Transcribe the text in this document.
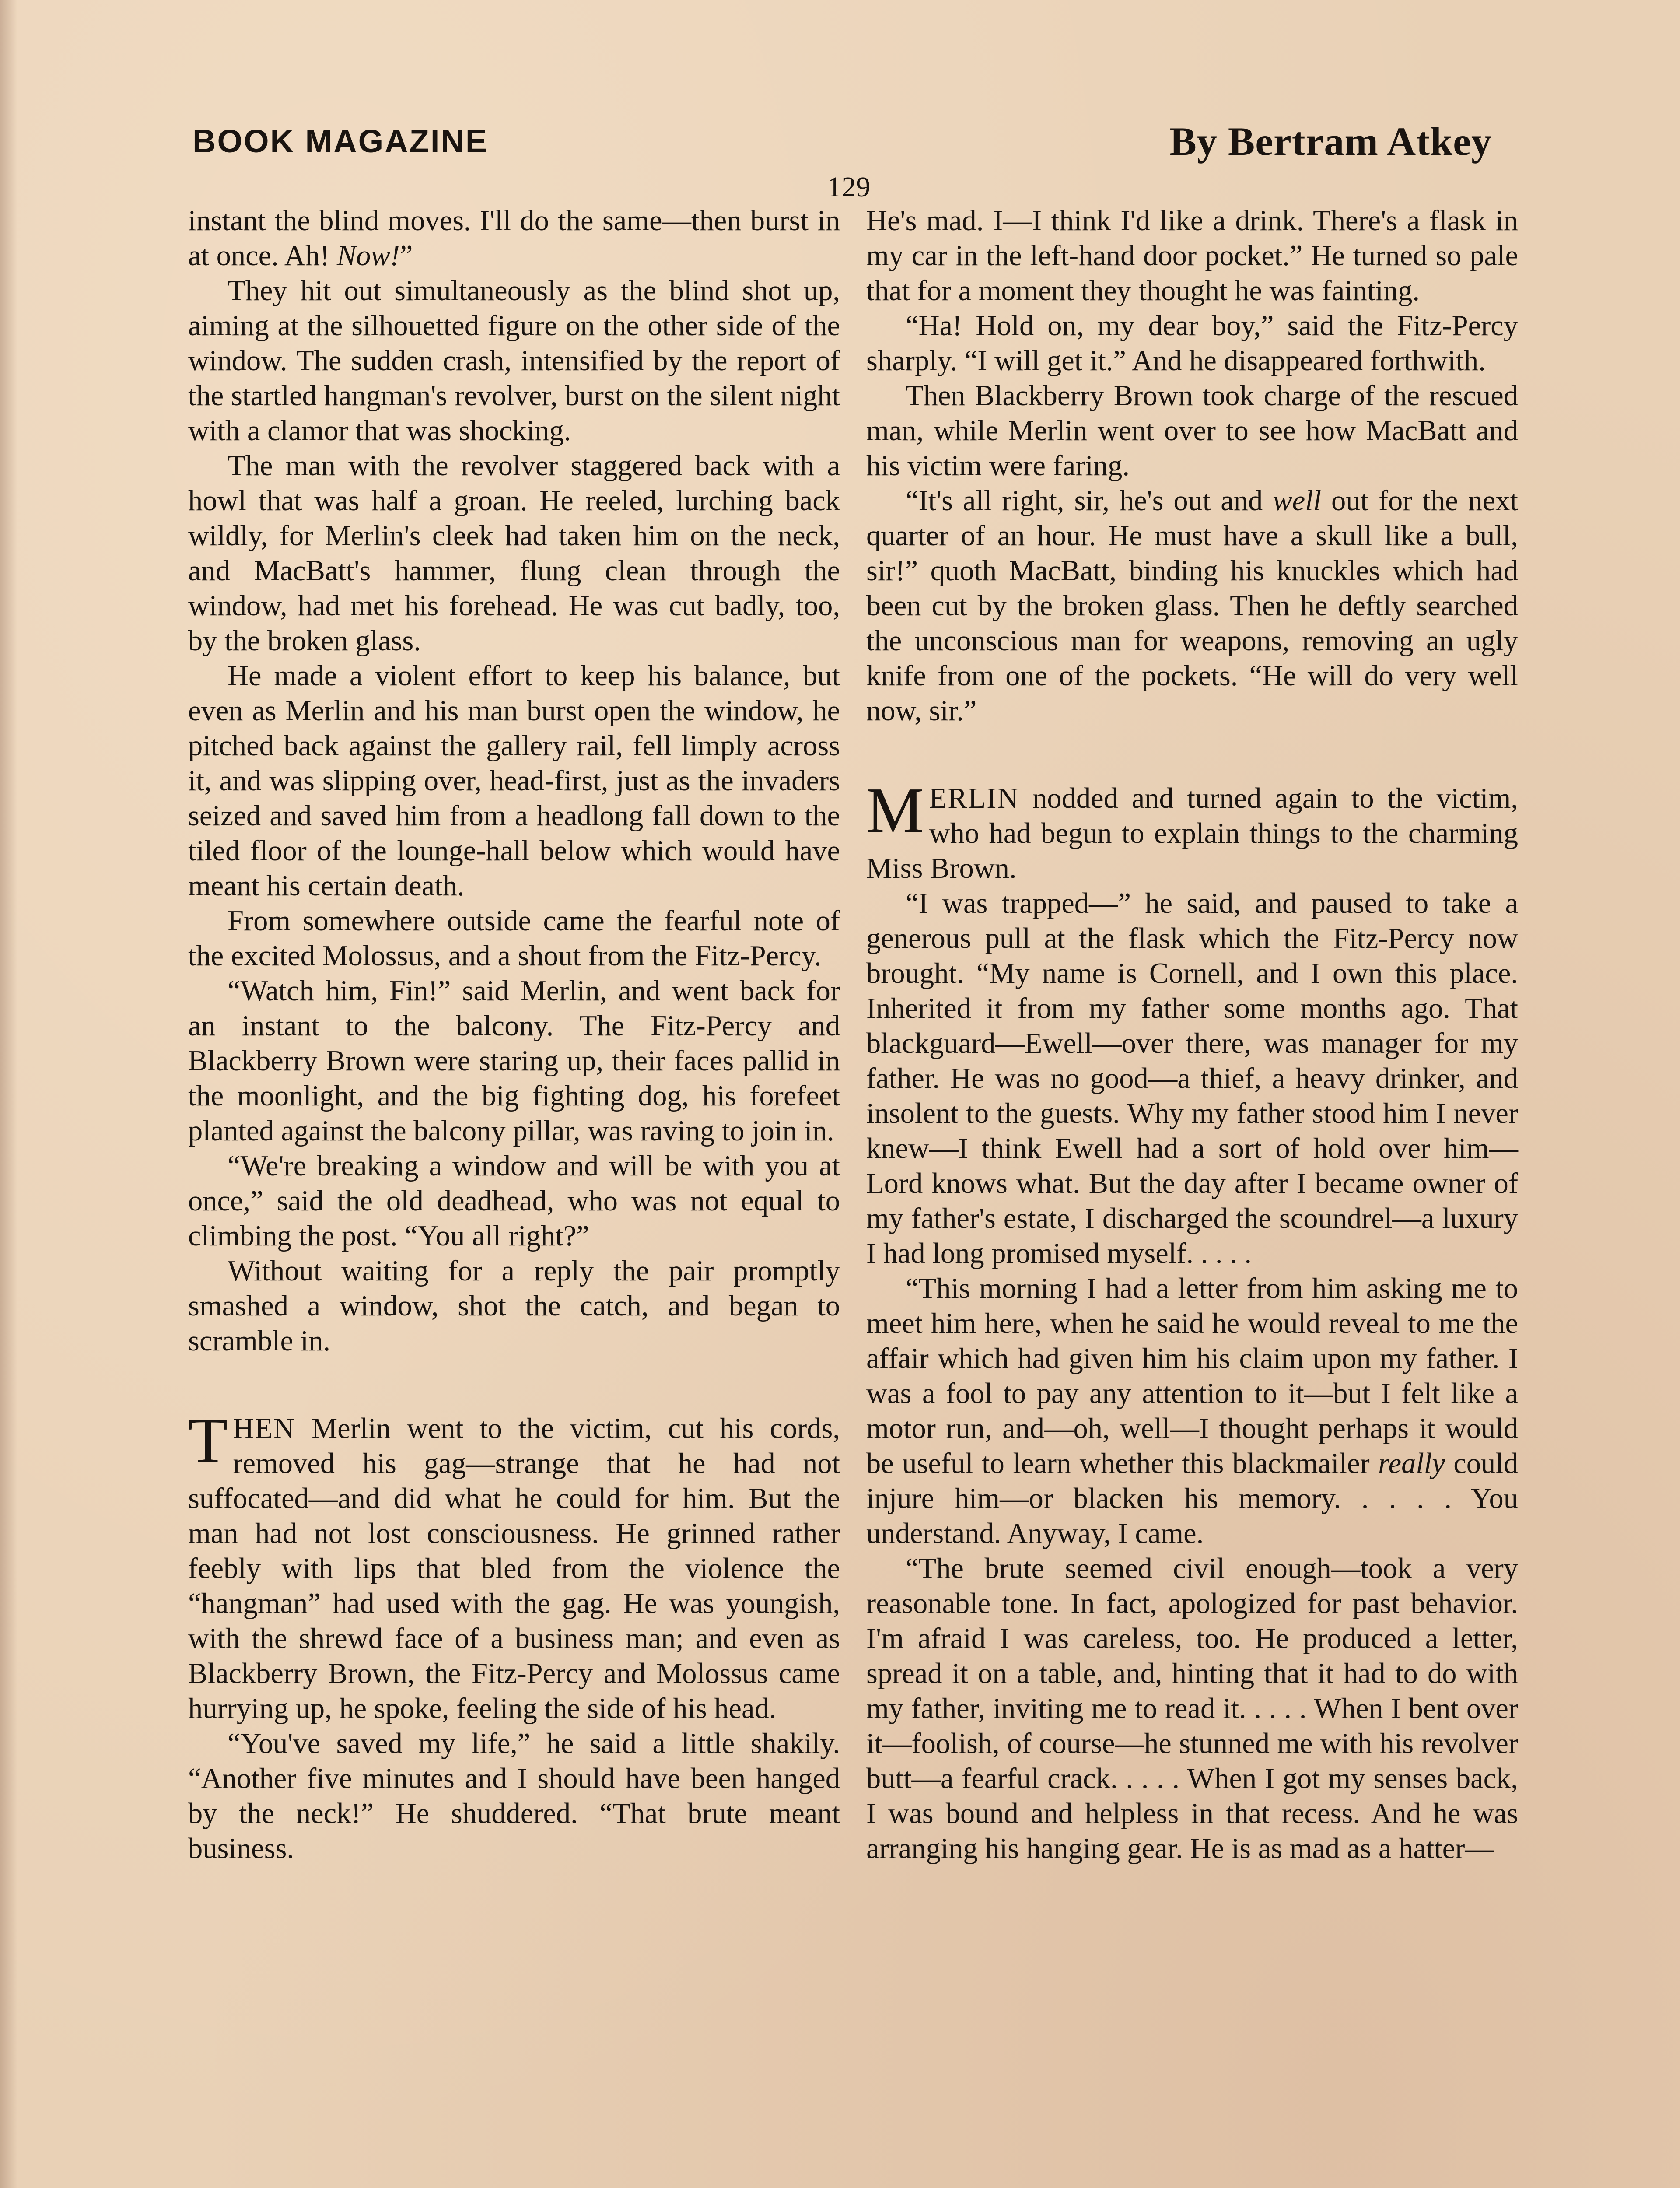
BOOK MAGAZINE	By Bertram Atkey
129

instant the blind moves. I'll do the same—then burst in at once. Ah! Now!”

They hit out simultaneously as the blind shot up, aiming at the silhouetted figure on the other side of the window. The sudden crash, intensified by the report of the startled hangman's revolver, burst on the silent night with a clamor that was shocking.

The man with the revolver staggered back with a howl that was half a groan. He reeled, lurching back wildly, for Merlin's cleek had taken him on the neck, and MacBatt's hammer, flung clean through the window, had met his forehead. He was cut badly, too, by the broken glass.

He made a violent effort to keep his balance, but even as Merlin and his man burst open the window, he pitched back against the gallery rail, fell limply across it, and was slipping over, head-first, just as the invaders seized and saved him from a headlong fall down to the tiled floor of the lounge-hall below which would have meant his certain death.

From somewhere outside came the fearful note of the excited Molossus, and a shout from the Fitz-Percy.

“Watch him, Fin!” said Merlin, and went back for an instant to the balcony. The Fitz-Percy and Blackberry Brown were staring up, their faces pallid in the moonlight, and the big fighting dog, his forefeet planted against the balcony pillar, was raving to join in.

“We're breaking a window and will be with you at once,” said the old deadhead, who was not equal to climbing the post. “You all right?”

Without waiting for a reply the pair promptly smashed a window, shot the catch, and began to scramble in.

THEN Merlin went to the victim, cut his cords, removed his gag—strange that he had not suffocated—and did what he could for him. But the man had not lost consciousness. He grinned rather feebly with lips that bled from the violence the “hangman” had used with the gag. He was youngish, with the shrewd face of a business man; and even as Blackberry Brown, the Fitz-Percy and Molossus came hurrying up, he spoke, feeling the side of his head.

“You've saved my life,” he said a little shakily. “Another five minutes and I should have been hanged by the neck!” He shuddered. “That brute meant business.

He's mad. I—I think I'd like a drink. There's a flask in my car in the left-hand door pocket.” He turned so pale that for a moment they thought he was fainting.

“Ha! Hold on, my dear boy,” said the Fitz-Percy sharply. “I will get it.” And he disappeared forthwith.

Then Blackberry Brown took charge of the rescued man, while Merlin went over to see how MacBatt and his victim were faring.

“It's all right, sir, he's out and well out for the next quarter of an hour. He must have a skull like a bull, sir!” quoth MacBatt, binding his knuckles which had been cut by the broken glass. Then he deftly searched the unconscious man for weapons, removing an ugly knife from one of the pockets. “He will do very well now, sir.”

MERLIN nodded and turned again to the victim, who had begun to explain things to the charming Miss Brown.

“I was trapped—” he said, and paused to take a generous pull at the flask which the Fitz-Percy now brought. “My name is Cornell, and I own this place. Inherited it from my father some months ago. That blackguard—Ewell—over there, was manager for my father. He was no good—a thief, a heavy drinker, and insolent to the guests. Why my father stood him I never knew—I think Ewell had a sort of hold over him—Lord knows what. But the day after I became owner of my father's estate, I discharged the scoundrel—a luxury I had long promised myself. . . . .

“This morning I had a letter from him asking me to meet him here, when he said he would reveal to me the affair which had given him his claim upon my father. I was a fool to pay any attention to it—but I felt like a motor run, and—oh, well—I thought perhaps it would be useful to learn whether this blackmailer really could injure him—or blacken his memory. . . . . You understand. Anyway, I came.

“The brute seemed civil enough—took a very reasonable tone. In fact, apologized for past behavior. I'm afraid I was careless, too. He produced a letter, spread it on a table, and, hinting that it had to do with my father, inviting me to read it. . . . . When I bent over it—foolish, of course—he stunned me with his revolver butt—a fearful crack. . . . . When I got my senses back, I was bound and helpless in that recess. And he was arranging his hanging gear. He is as mad as a hatter—
